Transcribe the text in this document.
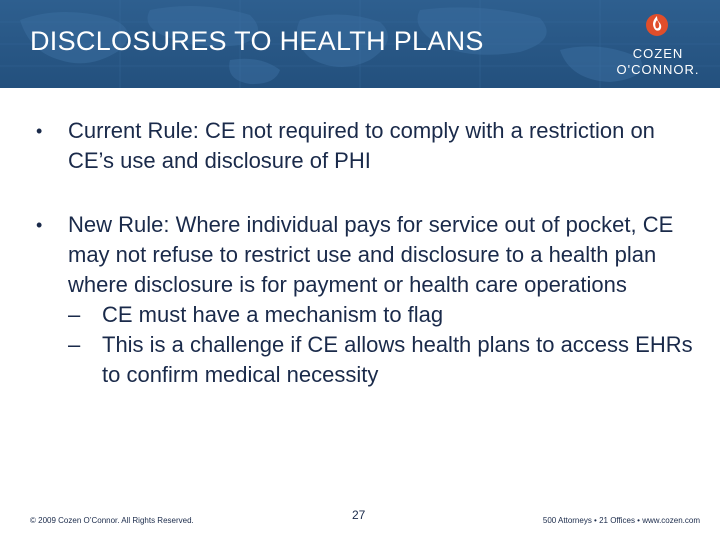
DISCLOSURES TO HEALTH PLANS	COZEN
O'CONNOR.
• Current Rule: CE not required to comply with a restriction on CE’s use and disclosure of PHI
• New Rule: Where individual pays for service out of pocket, CE may not refuse to restrict use and disclosure to a health plan where disclosure is for payment or health care operations
– CE must have a mechanism to flag
– This is a challenge if CE allows health plans to access EHRs to confirm medical necessity
© 2009 Cozen O’Connor. All Rights Reserved.	27	500 Attorneys • 21 Offices • www.cozen.com
